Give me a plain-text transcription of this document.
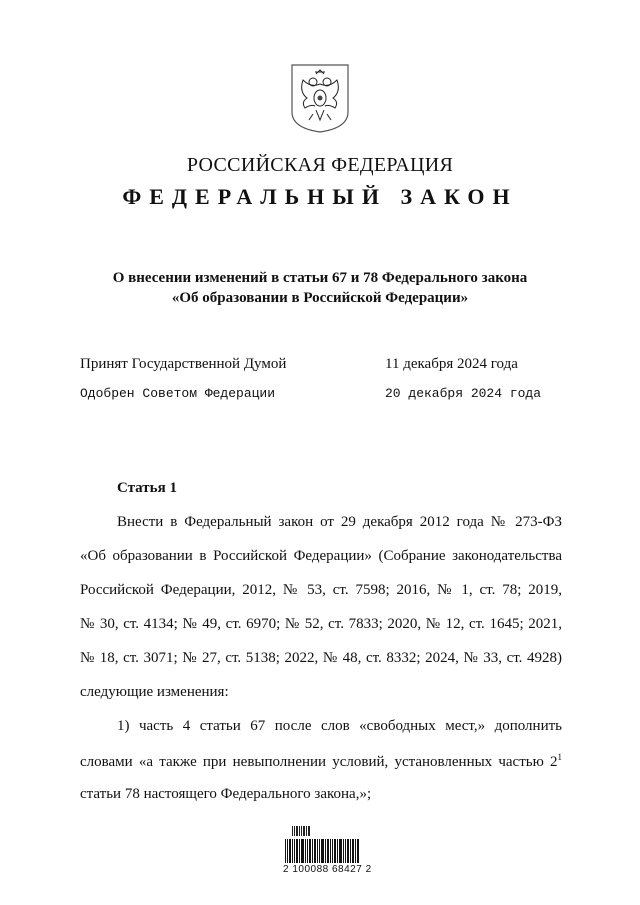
РОССИЙСКАЯ ФЕДЕРАЦИЯ
ФЕДЕРАЛЬНЫЙ ЗАКОН
О внесении изменений в статьи 67 и 78 Федерального закона
«Об образовании в Российской Федерации»
Принят Государственной Думой	11 декабря 2024 года
Одобрен Советом Федерации	20 декабря 2024 года
Статья 1
Внести в Федеральный закон от 29 декабря 2012 года № 273-ФЗ
«Об образовании в Российской Федерации» (Собрание законодательства
Российской Федерации, 2012, № 53, ст. 7598; 2016, № 1, ст. 78; 2019,
№ 30, ст. 4134; № 49, ст. 6970; № 52, ст. 7833; 2020, № 12, ст. 1645; 2021,
№ 18, ст. 3071; № 27, ст. 5138; 2022, № 48, ст. 8332; 2024, № 33, ст. 4928)
следующие изменения:
1) часть 4 статьи 67 после слов «свободных мест,» дополнить
словами «а также при невыполнении условий, установленных частью $2^1$
статьи 78 настоящего Федерального закона,»;
2 100088 68427 2
